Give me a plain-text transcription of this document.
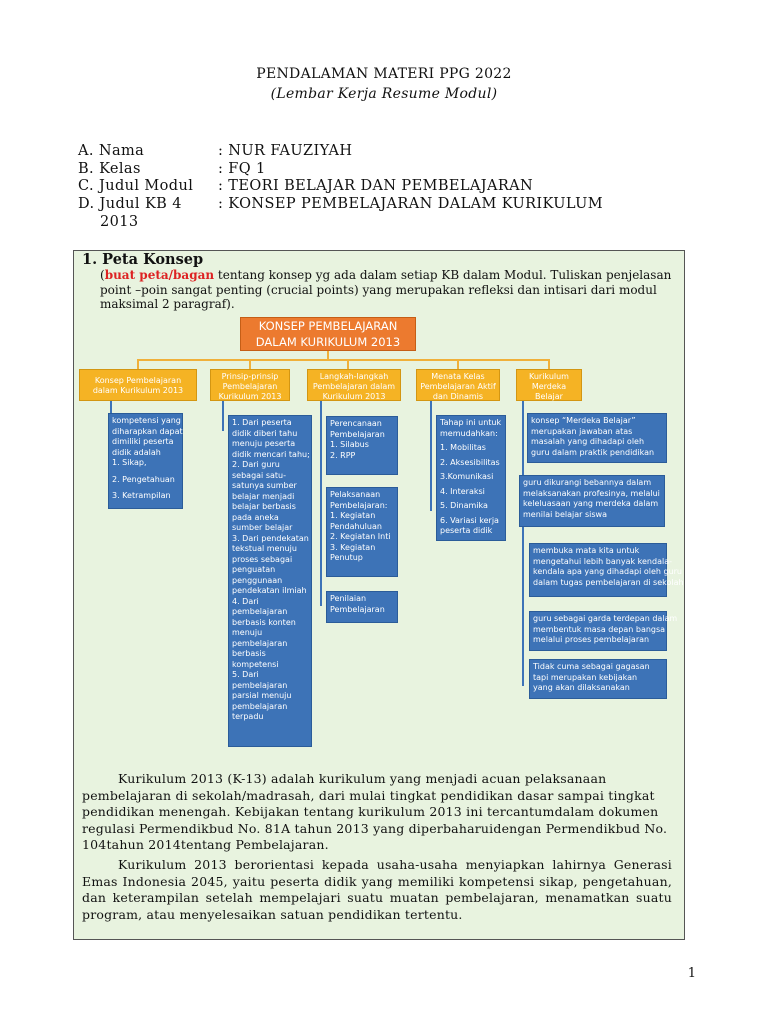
PENDALAMAN MATERI PPG 2022
(Lembar Kerja Resume Modul)
A. Nama	: NUR FAUZIYAH
B. Kelas	: FQ 1
C. Judul Modul : TEORI BELAJAR DAN PEMBELAJARAN
D. Judul KB 4 : KONSEP PEMBELAJARAN DALAM KURIKULUM
2013
1. Peta Konsep
(buat peta/bagan tentang konsep yg ada dalam setiap KB dalam Modul. Tuliskan penjelasan point –poin sangat penting (crucial points) yang merupakan refleksi dan intisari dari modul maksimal 2 paragraf).
KONSEP PEMBELAJARAN
DALAM KURIKULUM 2013
Konsep Pembelajaran
dalam Kurikulum 2013
Prinsip-prinsip
Pembelajaran
Kurikulum 2013
Langkah-langkah
Pembelajaran dalam
Kurikulum 2013
Menata Kelas
Pembelajaran Aktif
dan Dinamis
Kurikulum
Merdeka
Belajar
kompetensi yang
diharapkan dapat
dimiliki peserta
didik adalah
1. Sikap,
2. Pengetahuan
3. Ketrampilan
1. Dari peserta
didik diberi tahu
menuju peserta
didik mencari tahu;
2. Dari guru
sebagai satu-
satunya sumber
belajar menjadi
belajar berbasis
pada aneka
sumber belajar
3. Dari pendekatan
tekstual menuju
proses sebagai
penguatan
penggunaan
pendekatan ilmiah
4. Dari
pembelajaran
berbasis konten
menuju
pembelajaran
berbasis
kompetensi
5. Dari
pembelajaran
parsial menuju
pembelajaran
terpadu
Perencanaan
Pembelajaran
1. Silabus
2. RPP
Pelaksanaan
Pembelajaran:
1. Kegiatan
Pendahuluan
2. Kegiatan Inti
3. Kegiatan
Penutup
Penilaian
Pembelajaran
Tahap ini untuk
memudahkan:
1. Mobilitas
2. Aksesibilitas
3.Komunikasi
4. Interaksi
5. Dinamika
6. Variasi kerja
peserta didik
konsep “Merdeka Belajar”
merupakan jawaban atas
masalah yang dihadapi oleh
guru dalam praktik pendidikan
guru dikurangi bebannya dalam
melaksanakan profesinya, melalui
keleluasaan yang merdeka dalam
menilai belajar siswa
membuka mata kita untuk
mengetahui lebih banyak kendala-
kendala apa yang dihadapi oleh guru
dalam tugas pembelajaran di sekolah
guru sebagai garda terdepan dalam
membentuk masa depan bangsa
melalui proses pembelajaran
Tidak cuma sebagai gagasan
tapi merupakan kebijakan
yang akan dilaksanakan
Kurikulum 2013 (K-13) adalah kurikulum yang menjadi acuan pelaksanaan pembelajaran di sekolah/madrasah, dari mulai tingkat pendidikan dasar sampai tingkat pendidikan menengah. Kebijakan tentang kurikulum 2013 ini tercantumdalam dokumen regulasi Permendikbud No. 81A tahun 2013 yang diperbaharuidengan Permendikbud No. 104tahun 2014tentang Pembelajaran.
Kurikulum 2013 berorientasi kepada usaha-usaha menyiapkan lahirnya Generasi Emas Indonesia 2045, yaitu peserta didik yang memiliki kompetensi sikap, pengetahuan, dan keterampilan setelah mempelajari suatu muatan pembelajaran, menamatkan suatu program, atau menyelesaikan satuan pendidikan tertentu.
1
